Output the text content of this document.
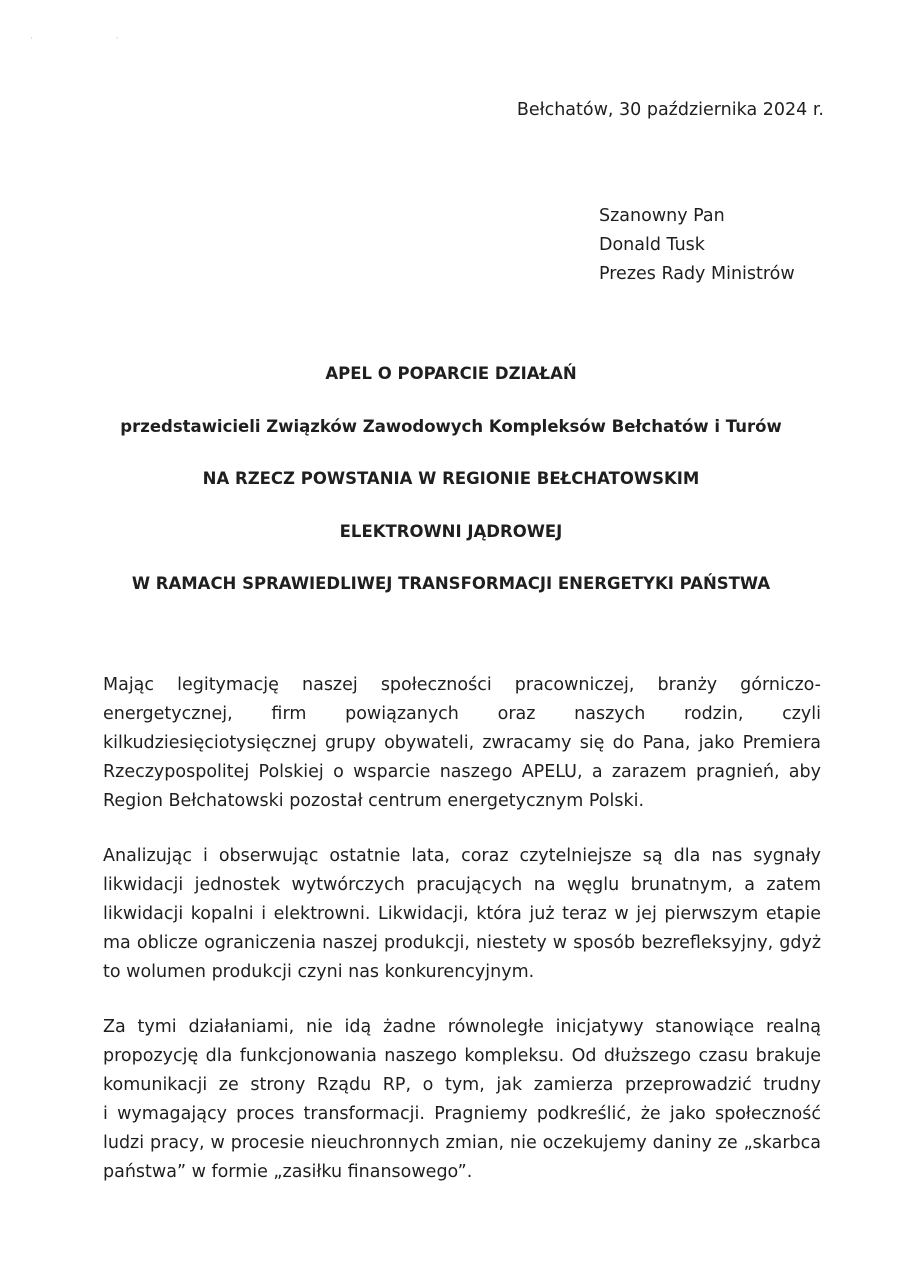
· ·
Bełchatów, 30 października 2024 r.
Szanowny Pan
Donald Tusk
Prezes Rady Ministrów
APEL O POPARCIE DZIAŁAŃ
przedstawicieli Związków Zawodowych Kompleksów Bełchatów i Turów
NA RZECZ POWSTANIA W REGIONIE BEŁCHATOWSKIM
ELEKTROWNI JĄDROWEJ
W RAMACH SPRAWIEDLIWEJ TRANSFORMACJI ENERGETYKI PAŃSTWA

Mając legitymację naszej społeczności pracowniczej, branży górniczo-
energetycznej, firm powiązanych oraz naszych rodzin, czyli
kilkudziesięciotysięcznej grupy obywateli, zwracamy się do Pana, jako Premiera
Rzeczypospolitej Polskiej o wsparcie naszego APELU, a zarazem pragnień, aby
Region Bełchatowski pozostał centrum energetycznym Polski.

Analizując i obserwując ostatnie lata, coraz czytelniejsze są dla nas sygnały
likwidacji jednostek wytwórczych pracujących na węglu brunatnym, a zatem
likwidacji kopalni i elektrowni. Likwidacji, która już teraz w jej pierwszym etapie
ma oblicze ograniczenia naszej produkcji, niestety w sposób bezrefleksyjny, gdyż
to wolumen produkcji czyni nas konkurencyjnym.

Za tymi działaniami, nie idą żadne równoległe inicjatywy stanowiące realną
propozycję dla funkcjonowania naszego kompleksu. Od dłuższego czasu brakuje
komunikacji ze strony Rządu RP, o tym, jak zamierza przeprowadzić trudny
i wymagający proces transformacji. Pragniemy podkreślić, że jako społeczność
ludzi pracy, w procesie nieuchronnych zmian, nie oczekujemy daniny ze „skarbca
państwa” w formie „zasiłku finansowego”.
